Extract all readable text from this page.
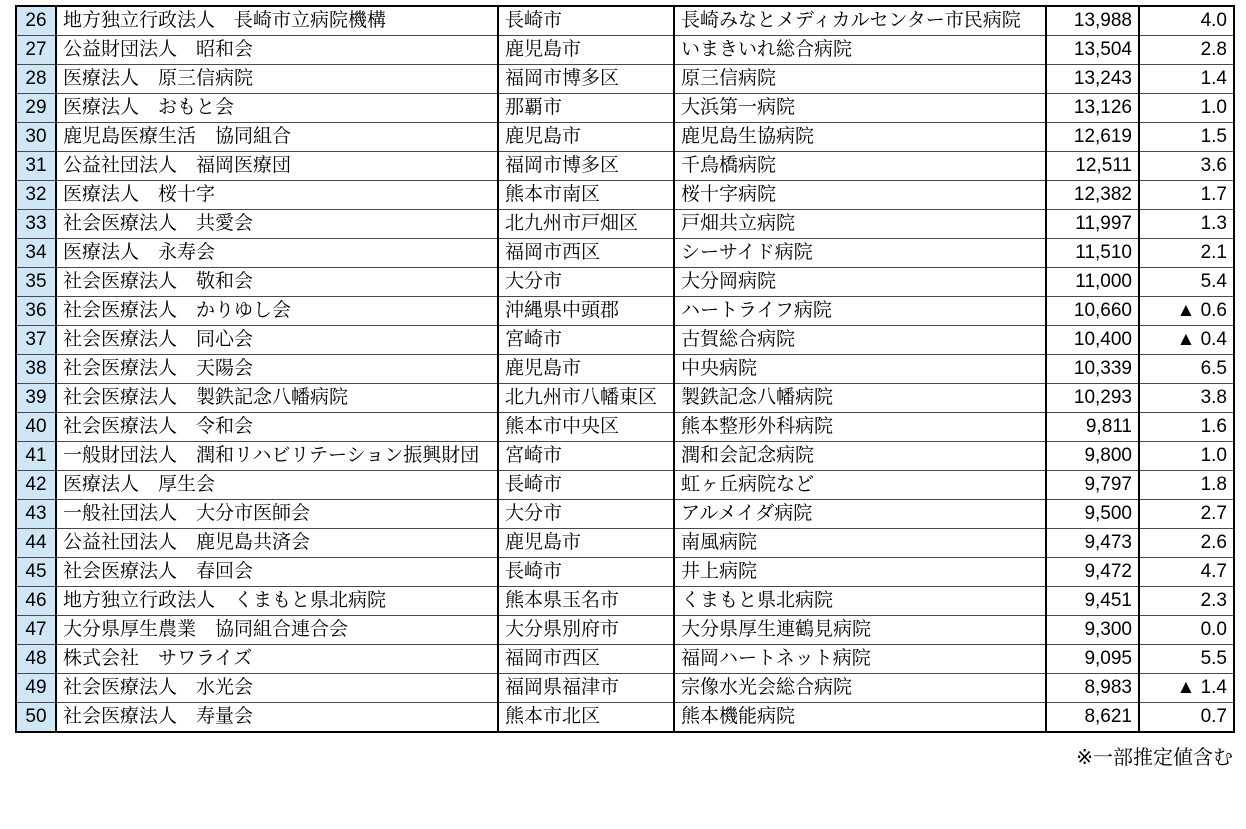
26	地方独立行政法人　長崎市立病院機構	長崎市	長崎みなとメディカルセンター市民病院	13,988	4.0
27	公益財団法人　昭和会	鹿児島市	いまきいれ総合病院	13,504	2.8
28	医療法人　原三信病院	福岡市博多区	原三信病院	13,243	1.4
29	医療法人　おもと会	那覇市	大浜第一病院	13,126	1.0
30	鹿児島医療生活　協同組合	鹿児島市	鹿児島生協病院	12,619	1.5
31	公益社団法人　福岡医療団	福岡市博多区	千鳥橋病院	12,511	3.6
32	医療法人　桜十字	熊本市南区	桜十字病院	12,382	1.7
33	社会医療法人　共愛会	北九州市戸畑区	戸畑共立病院	11,997	1.3
34	医療法人　永寿会	福岡市西区	シーサイド病院	11,510	2.1
35	社会医療法人　敬和会	大分市	大分岡病院	11,000	5.4
36	社会医療法人　かりゆし会	沖縄県中頭郡	ハートライフ病院	10,660	▲ 0.6
37	社会医療法人　同心会	宮崎市	古賀総合病院	10,400	▲ 0.4
38	社会医療法人　天陽会	鹿児島市	中央病院	10,339	6.5
39	社会医療法人　製鉄記念八幡病院	北九州市八幡東区	製鉄記念八幡病院	10,293	3.8
40	社会医療法人　令和会	熊本市中央区	熊本整形外科病院	9,811	1.6
41	一般財団法人　潤和リハビリテーション振興財団	宮崎市	潤和会記念病院	9,800	1.0
42	医療法人　厚生会	長崎市	虹ヶ丘病院など	9,797	1.8
43	一般社団法人　大分市医師会	大分市	アルメイダ病院	9,500	2.7
44	公益社団法人　鹿児島共済会	鹿児島市	南風病院	9,473	2.6
45	社会医療法人　春回会	長崎市	井上病院	9,472	4.7
46	地方独立行政法人　くまもと県北病院	熊本県玉名市	くまもと県北病院	9,451	2.3
47	大分県厚生農業　協同組合連合会	大分県別府市	大分県厚生連鶴見病院	9,300	0.0
48	株式会社　サワライズ	福岡市西区	福岡ハートネット病院	9,095	5.5
49	社会医療法人　水光会	福岡県福津市	宗像水光会総合病院	8,983	▲ 1.4
50	社会医療法人　寿量会	熊本市北区	熊本機能病院	8,621	0.7
※一部推定値含む
